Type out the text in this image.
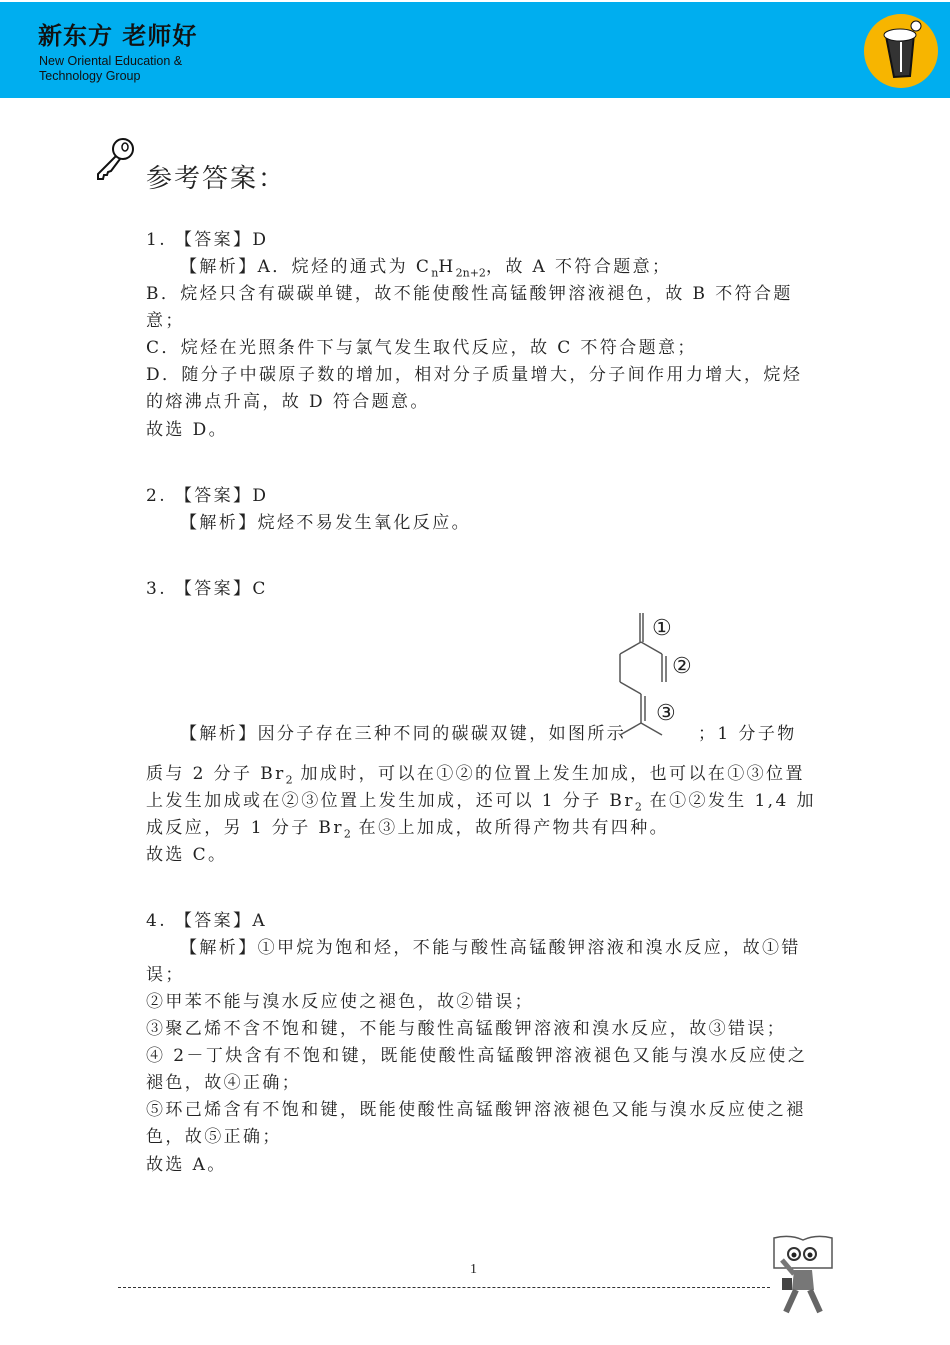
新东方 老师好
New Oriental Education &
Technology Group
参考答案：
1. 【答案】D
【解析】A．烷烃的通式为 $C_nH_{2n+2}$，故 A 不符合题意；
B．烷烃只含有碳碳单键，故不能使酸性高锰酸钾溶液褪色，故 B 不符合题
意；
C．烷烃在光照条件下与氯气发生取代反应，故 C 不符合题意；
D．随分子中碳原子数的增加，相对分子质量增大，分子间作用力增大，烷烃
的熔沸点升高，故 D 符合题意。
故选 D。
2. 【答案】D
【解析】烷烃不易发生氧化反应。
3. 【答案】C
【解析】因分子存在三种不同的碳碳双键，如图所示	；1 分子物
质与 2 分子 $Br_2$ 加成时，可以在①②的位置上发生加成，也可以在①③位置
上发生加成或在②③位置上发生加成，还可以 1 分子 $Br_2$ 在①②发生 1,4 加
成反应，另 1 分子 $Br_2$ 在③上加成，故所得产物共有四种。
故选 C。
4. 【答案】A
【解析】①甲烷为饱和烃，不能与酸性高锰酸钾溶液和溴水反应，故①错
误；
②甲苯不能与溴水反应使之褪色，故②错误；
③聚乙烯不含不饱和键，不能与酸性高锰酸钾溶液和溴水反应，故③错误；
④ 2－丁炔含有不饱和键，既能使酸性高锰酸钾溶液褪色又能与溴水反应使之
褪色，故④正确；
⑤环己烯含有不饱和键，既能使酸性高锰酸钾溶液褪色又能与溴水反应使之褪
色，故⑤正确；
故选 A。
①
②
③
1
